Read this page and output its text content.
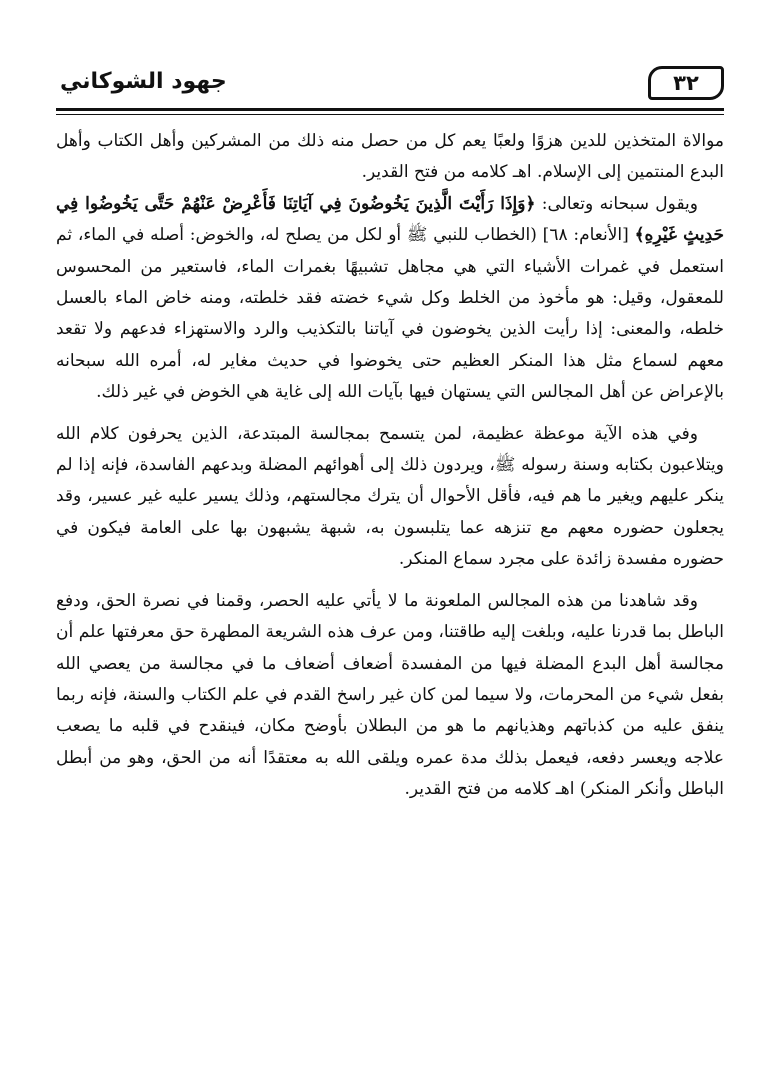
جهود الشوكاني	٣٢

موالاة المتخذين للدين هزوًا ولعبًا يعم كل من حصل منه ذلك من المشركين وأهل الكتاب وأهل البدع المنتمين إلى الإسلام. اهـ كلامه من فتح القدير.

ويقول سبحانه وتعالى: ﴿وَإِذَا رَأَيْتَ الَّذِينَ يَخُوضُونَ فِي آيَاتِنَا فَأَعْرِضْ عَنْهُمْ حَتَّى يَخُوضُوا فِي حَدِيثٍ غَيْرِهِ﴾ [الأنعام: ٦٨] (الخطاب للنبي ﷺ أو لكل من يصلح له، والخوض: أصله في الماء، ثم استعمل في غمرات الأشياء التي هي مجاهل تشبيهًا بغمرات الماء، فاستعير من المحسوس للمعقول، وقيل: هو مأخوذ من الخلط وكل شيء خضته فقد خلطته، ومنه خاض الماء بالعسل خلطه، والمعنى: إذا رأيت الذين يخوضون في آياتنا بالتكذيب والرد والاستهزاء فدعهم ولا تقعد معهم لسماع مثل هذا المنكر العظيم حتى يخوضوا في حديث مغاير له، أمره الله سبحانه بالإعراض عن أهل المجالس التي يستهان فيها بآيات الله إلى غاية هي الخوض في غير ذلك.

وفي هذه الآية موعظة عظيمة، لمن يتسمح بمجالسة المبتدعة، الذين يحرفون كلام الله ويتلاعبون بكتابه وسنة رسوله ﷺ، ويردون ذلك إلى أهوائهم المضلة وبدعهم الفاسدة، فإنه إذا لم ينكر عليهم ويغير ما هم فيه، فأقل الأحوال أن يترك مجالستهم، وذلك يسير عليه غير عسير، وقد يجعلون حضوره معهم مع تنزهه عما يتلبسون به، شبهة يشبهون بها على العامة فيكون في حضوره مفسدة زائدة على مجرد سماع المنكر.

وقد شاهدنا من هذه المجالس الملعونة ما لا يأتي عليه الحصر، وقمنا في نصرة الحق، ودفع الباطل بما قدرنا عليه، وبلغت إليه طاقتنا، ومن عرف هذه الشريعة المطهرة حق معرفتها علم أن مجالسة أهل البدع المضلة فيها من المفسدة أضعاف أضعاف ما في مجالسة من يعصي الله بفعل شيء من المحرمات، ولا سيما لمن كان غير راسخ القدم في علم الكتاب والسنة، فإنه ربما ينفق عليه من كذباتهم وهذيانهم ما هو من البطلان بأوضح مكان، فينقدح في قلبه ما يصعب علاجه ويعسر دفعه، فيعمل بذلك مدة عمره ويلقى الله به معتقدًا أنه من الحق، وهو من أبطل الباطل وأنكر المنكر) اهـ كلامه من فتح القدير.
